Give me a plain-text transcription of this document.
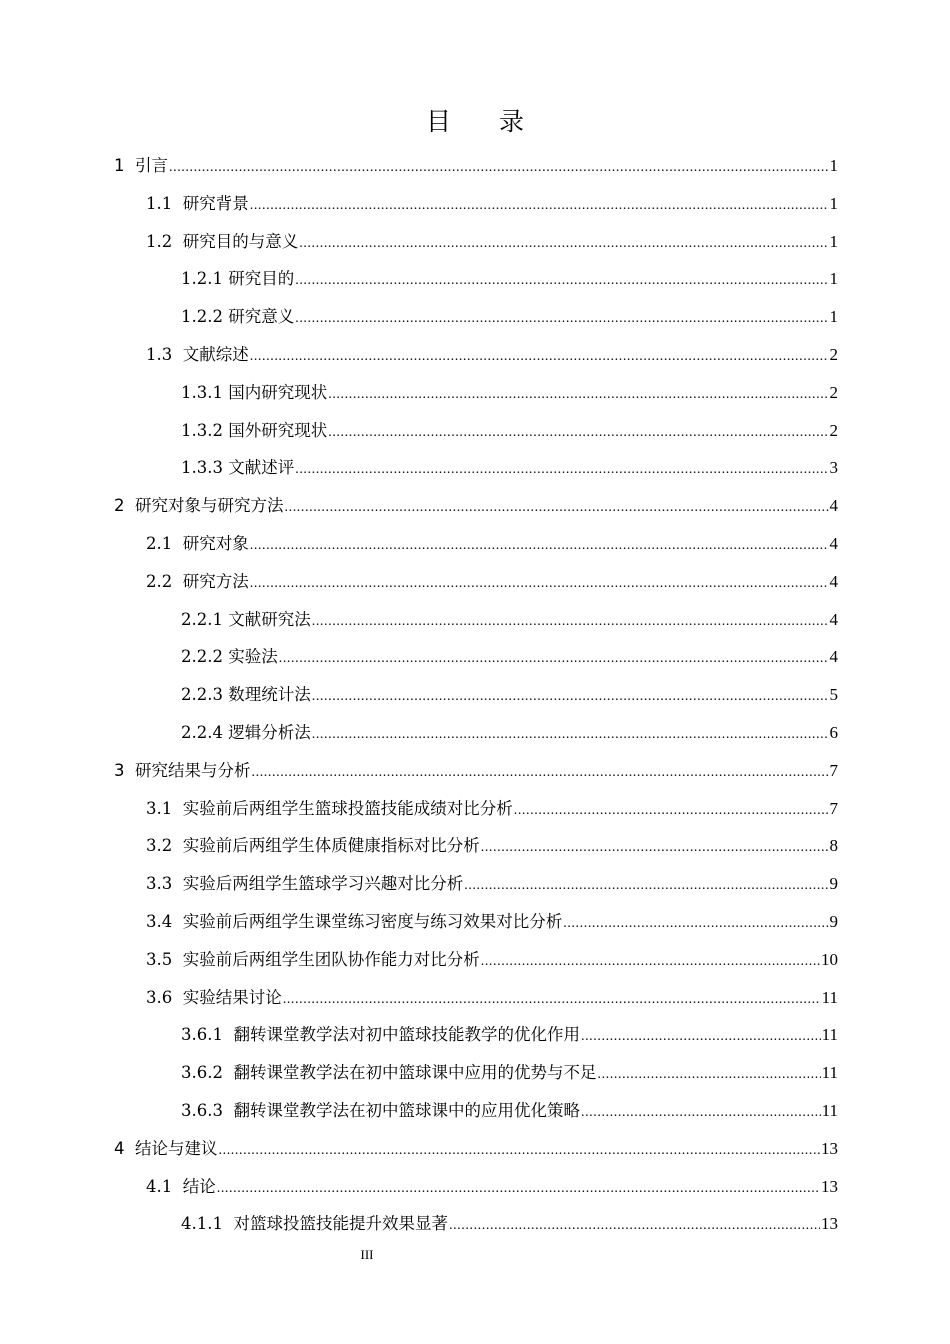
目 录
1 引言 .....	1
1.1 研究背景 .....	1
1.2 研究目的与意义 .....	1
1.2.1 研究目的 .....	1
1.2.2 研究意义 .....	1
1.3 文献综述 .....	2
1.3.1 国内研究现状 .....	2
1.3.2 国外研究现状 .....	2
1.3.3 文献述评 .....	3
2 研究对象与研究方法 .....	4
2.1 研究对象 .....	4
2.2 研究方法 .....	4
2.2.1 文献研究法 .....	4
2.2.2 实验法 .....	4
2.2.3 数理统计法 .....	5
2.2.4 逻辑分析法 .....	6
3 研究结果与分析 .....	7
3.1 实验前后两组学生篮球投篮技能成绩对比分析 .....	7
3.2 实验前后两组学生体质健康指标对比分析 .....	8
3.3 实验后两组学生篮球学习兴趣对比分析 .....	9
3.4 实验前后两组学生课堂练习密度与练习效果对比分析 .....	9
3.5 实验前后两组学生团队协作能力对比分析 .....	10
3.6 实验结果讨论 .....	11
3.6.1 翻转课堂教学法对初中篮球技能教学的优化作用 .....	11
3.6.2 翻转课堂教学法在初中篮球课中应用的优势与不足 .....	11
3.6.3 翻转课堂教学法在初中篮球课中的应用优化策略 .....	11
4 结论与建议 .....	13
4.1 结论 .....	13
4.1.1 对篮球投篮技能提升效果显著 .....	13
III
